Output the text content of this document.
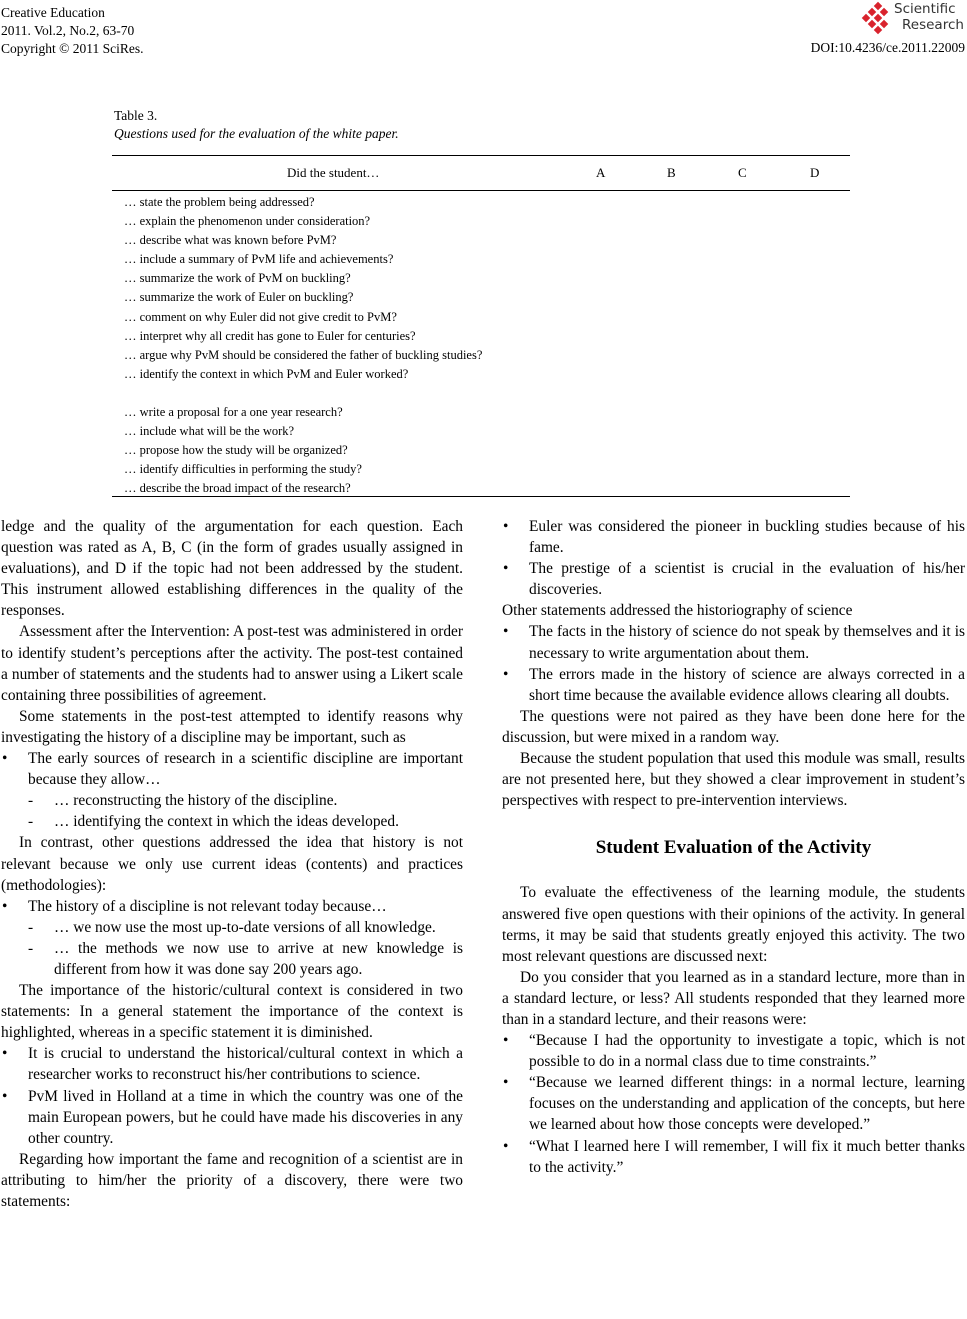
Creative Education
2011. Vol.2, No.2, 63-70
Copyright © 2011 SciRes.
Scientific
Research
DOI:10.4236/ce.2011.22009
Table 3.
Questions used for the evaluation of the white paper.
Did the student…	A	B	C	D
… state the problem being addressed?
… explain the phenomenon under consideration?
… describe what was known before PvM?
… include a summary of PvM life and achievements?
… summarize the work of PvM on buckling?
… summarize the work of Euler on buckling?
… comment on why Euler did not give credit to PvM?
… interpret why all credit has gone to Euler for centuries?
… argue why PvM should be considered the father of buckling studies?
… identify the context in which PvM and Euler worked?
… write a proposal for a one year research?
… include what will be the work?
… propose how the study will be organized?
… identify difficulties in performing the study?
… describe the broad impact of the research?

ledge and the quality of the argumentation for each question. Each question was rated as A, B, C (in the form of grades usually assigned in evaluations), and D if the topic had not been addressed by the student. This instrument allowed establishing differences in the quality of the responses.

Assessment after the Intervention: A post-test was administered in order to identify student’s perceptions after the activity. The post-test contained a number of statements and the students had to answer using a Likert scale containing three possibilities of agreement.

Some statements in the post-test attempted to identify reasons why investigating the history of a discipline may be important, such as

• The early sources of research in a scientific discipline are important because they allow…
- … reconstructing the history of the discipline.
- … identifying the context in which the ideas developed.

In contrast, other questions addressed the idea that history is not relevant because we only use current ideas (contents) and practices (methodologies):

• The history of a discipline is not relevant today because…
- … we now use the most up-to-date versions of all knowledge.
- … the methods we now use to arrive at new knowledge is different from how it was done say 200 years ago.

The importance of the historic/cultural context is considered in two statements: In a general statement the importance of the context is highlighted, whereas in a specific statement it is diminished.

• It is crucial to understand the historical/cultural context in which a researcher works to reconstruct his/her contributions to science.
• PvM lived in Holland at a time in which the country was one of the main European powers, but he could have made his discoveries in any other country.

Regarding how important the fame and recognition of a scientist are in attributing to him/her the priority of a discovery, there were two statements:

• Euler was considered the pioneer in buckling studies because of his fame.
• The prestige of a scientist is crucial in the evaluation of his/her discoveries.

Other statements addressed the historiography of science

• The facts in the history of science do not speak by themselves and it is necessary to write argumentation about them.
• The errors made in the history of science are always corrected in a short time because the available evidence allows clearing all doubts.

The questions were not paired as they have been done here for the discussion, but were mixed in a random way.

Because the student population that used this module was small, results are not presented here, but they showed a clear improvement in student’s perspectives with respect to pre-intervention interviews.

Student Evaluation of the Activity

To evaluate the effectiveness of the learning module, the students answered five open questions with their opinions of the activity. In general terms, it may be said that students greatly enjoyed this activity. The two most relevant questions are discussed next:

Do you consider that you learned as in a standard lecture, more than in a standard lecture, or less? All students responded that they learned more than in a standard lecture, and their reasons were:

• “Because I had the opportunity to investigate a topic, which is not possible to do in a normal class due to time constraints.”
• “Because we learned different things: in a normal lecture, learning focuses on the understanding and application of the concepts, but here we learned about how those concepts were developed.”
• “What I learned here I will remember, I will fix it much better thanks to the activity.”
